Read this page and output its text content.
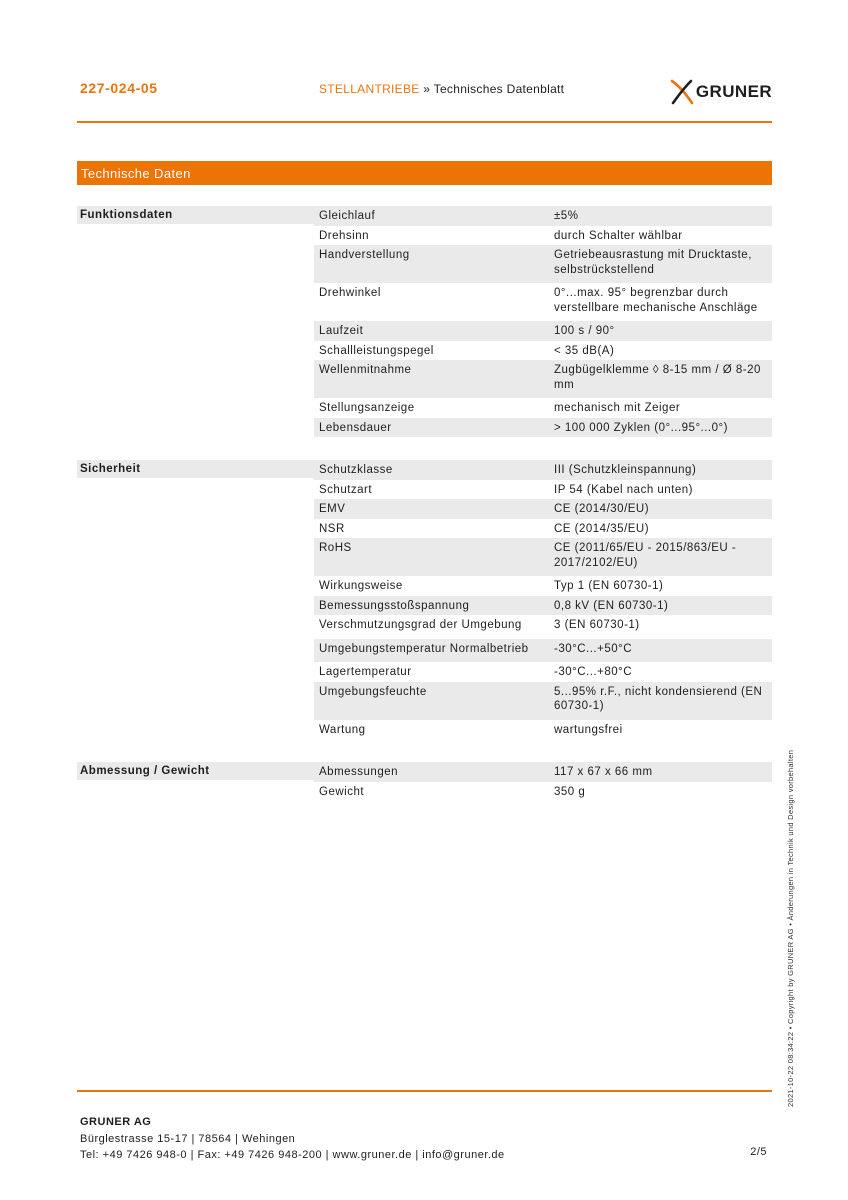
227-024-05	STELLANTRIEBE » Technisches Datenblatt	GRUNER
Technische Daten
Funktionsdaten	Gleichlauf	±5%
Drehsinn	durch Schalter wählbar
Handverstellung	Getriebeausrastung mit Drucktaste, selbstrückstellend
Drehwinkel	0°...max. 95° begrenzbar durch verstellbare mechanische Anschläge
Laufzeit	100 s / 90°
Schallleistungspegel	< 35 dB(A)
Wellenmitnahme	Zugbügelklemme ◊ 8-15 mm / Ø 8-20 mm
Stellungsanzeige	mechanisch mit Zeiger
Lebensdauer	> 100 000 Zyklen (0°...95°...0°)
Sicherheit	Schutzklasse	III (Schutzkleinspannung)
Schutzart	IP 54 (Kabel nach unten)
EMV	CE (2014/30/EU)
NSR	CE (2014/35/EU)
RoHS	CE (2011/65/EU - 2015/863/EU - 2017/2102/EU)
Wirkungsweise	Typ 1 (EN 60730-1)
Bemessungsstoßspannung	0,8 kV (EN 60730-1)
Verschmutzungsgrad der Umgebung	3 (EN 60730-1)
Umgebungstemperatur Normalbetrieb	-30°C...+50°C
Lagertemperatur	-30°C...+80°C
Umgebungsfeuchte	5...95% r.F., nicht kondensierend (EN 60730-1)
Wartung	wartungsfrei
Abmessung / Gewicht	Abmessungen	117 x 67 x 66 mm
Gewicht	350 g
GRUNER AG
Bürglestrasse 15-17 | 78564 | Wehingen
Tel: +49 7426 948-0 | Fax: +49 7426 948-200 | www.gruner.de | info@gruner.de	2/5
2021-10-22 08:34:22 • Copyright by GRUNER AG • Änderungen in Technik und Design vorbehalten
